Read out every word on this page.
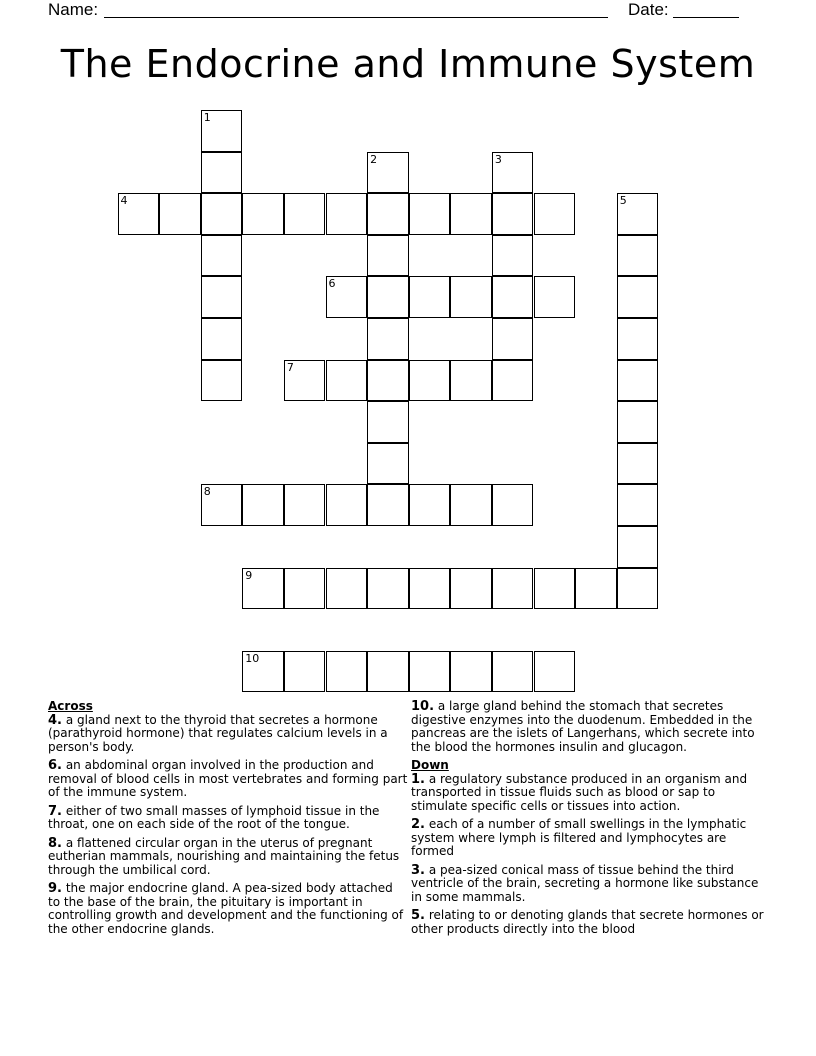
Name:	Date:
The Endocrine and Immune System
4
6
7
8
9
10
1
2	3
5
Across
4. a gland next to the thyroid that secretes a hormone (parathyroid hormone) that regulates calcium levels in a person's body.
6. an abdominal organ involved in the production and removal of blood cells in most vertebrates and forming part of the immune system.
7. either of two small masses of lymphoid tissue in the throat, one on each side of the root of the tongue.
8. a flattened circular organ in the uterus of pregnant eutherian mammals, nourishing and maintaining the fetus through the umbilical cord.
9. the major endocrine gland. A pea-sized body attached to the base of the brain, the pituitary is important in controlling growth and development and the functioning of the other endocrine glands.
10. a large gland behind the stomach that secretes digestive enzymes into the duodenum. Embedded in the pancreas are the islets of Langerhans, which secrete into the blood the hormones insulin and glucagon.
Down
1. a regulatory substance produced in an organism and transported in tissue fluids such as blood or sap to stimulate specific cells or tissues into action.
2. each of a number of small swellings in the lymphatic system where lymph is filtered and lymphocytes are formed
3. a pea-sized conical mass of tissue behind the third ventricle of the brain, secreting a hormone like substance in some mammals.
5. relating to or denoting glands that secrete hormones or other products directly into the blood
